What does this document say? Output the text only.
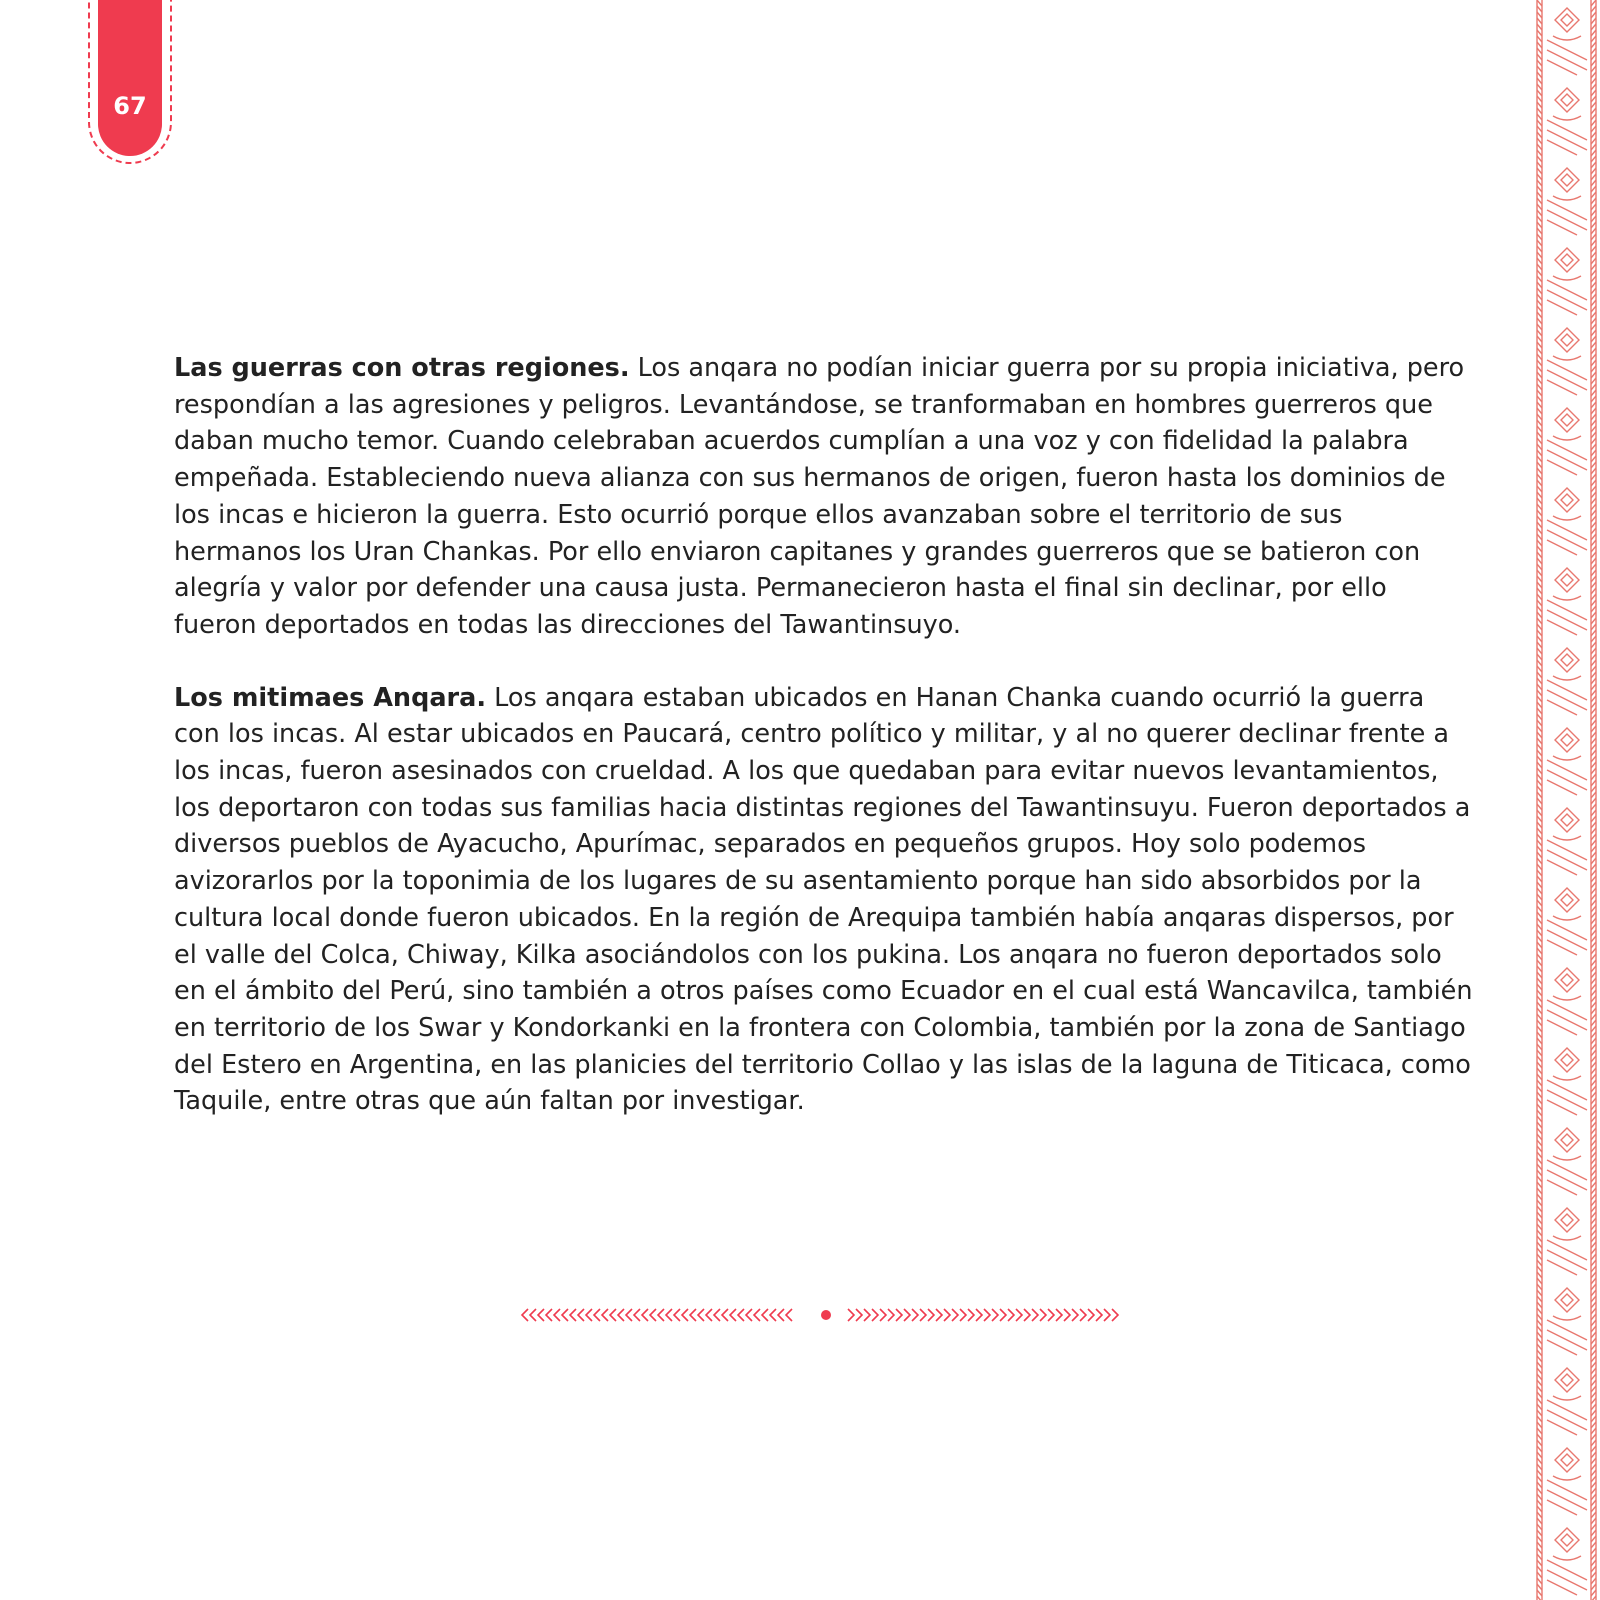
67

Las guerras con otras regiones. Los anqara no podían iniciar guerra por su propia iniciativa, pero respondían a las agresiones y peligros. Levantándose, se tranformaban en hombres guerreros que daban mucho temor. Cuando celebraban acuerdos cumplían a una voz y con fidelidad la palabra empeñada. Estableciendo nueva alianza con sus hermanos de origen, fueron hasta los dominios de los incas e hicieron la guerra. Esto ocurrió porque ellos avanzaban sobre el territorio de sus hermanos los Uran Chankas. Por ello enviaron capitanes y grandes guerreros que se batieron con alegría y valor por defender una causa justa. Permanecieron hasta el final sin declinar, por ello fueron deportados en todas las direcciones del Tawantinsuyo.

Los mitimaes Anqara. Los anqara estaban ubicados en Hanan Chanka cuando ocurrió la guerra con los incas. Al estar ubicados en Paucará, centro político y militar, y al no querer declinar frente a los incas, fueron asesinados con crueldad. A los que quedaban para evitar nuevos levantamientos, los deportaron con todas sus familias hacia distintas regiones del Tawantinsuyu. Fueron deportados a diversos pueblos de Ayacucho, Apurímac, separados en pequeños grupos. Hoy solo podemos avizorarlos por la toponimia de los lugares de su asentamiento porque han sido absorbidos por la cultura local donde fueron ubicados. En la región de Arequipa también había anqaras dispersos, por el valle del Colca, Chiway, Kilka asociándolos con los pukina. Los anqara no fueron deportados solo en el ámbito del Perú, sino también a otros países como Ecuador en el cual está Wancavilca, también en territorio de los Swar y Kondorkanki en la frontera con Colombia, también por la zona de Santiago del Estero en Argentina, en las planicies del territorio Collao y las islas de la laguna de Titicaca, como Taquile, entre otras que aún faltan por investigar.
